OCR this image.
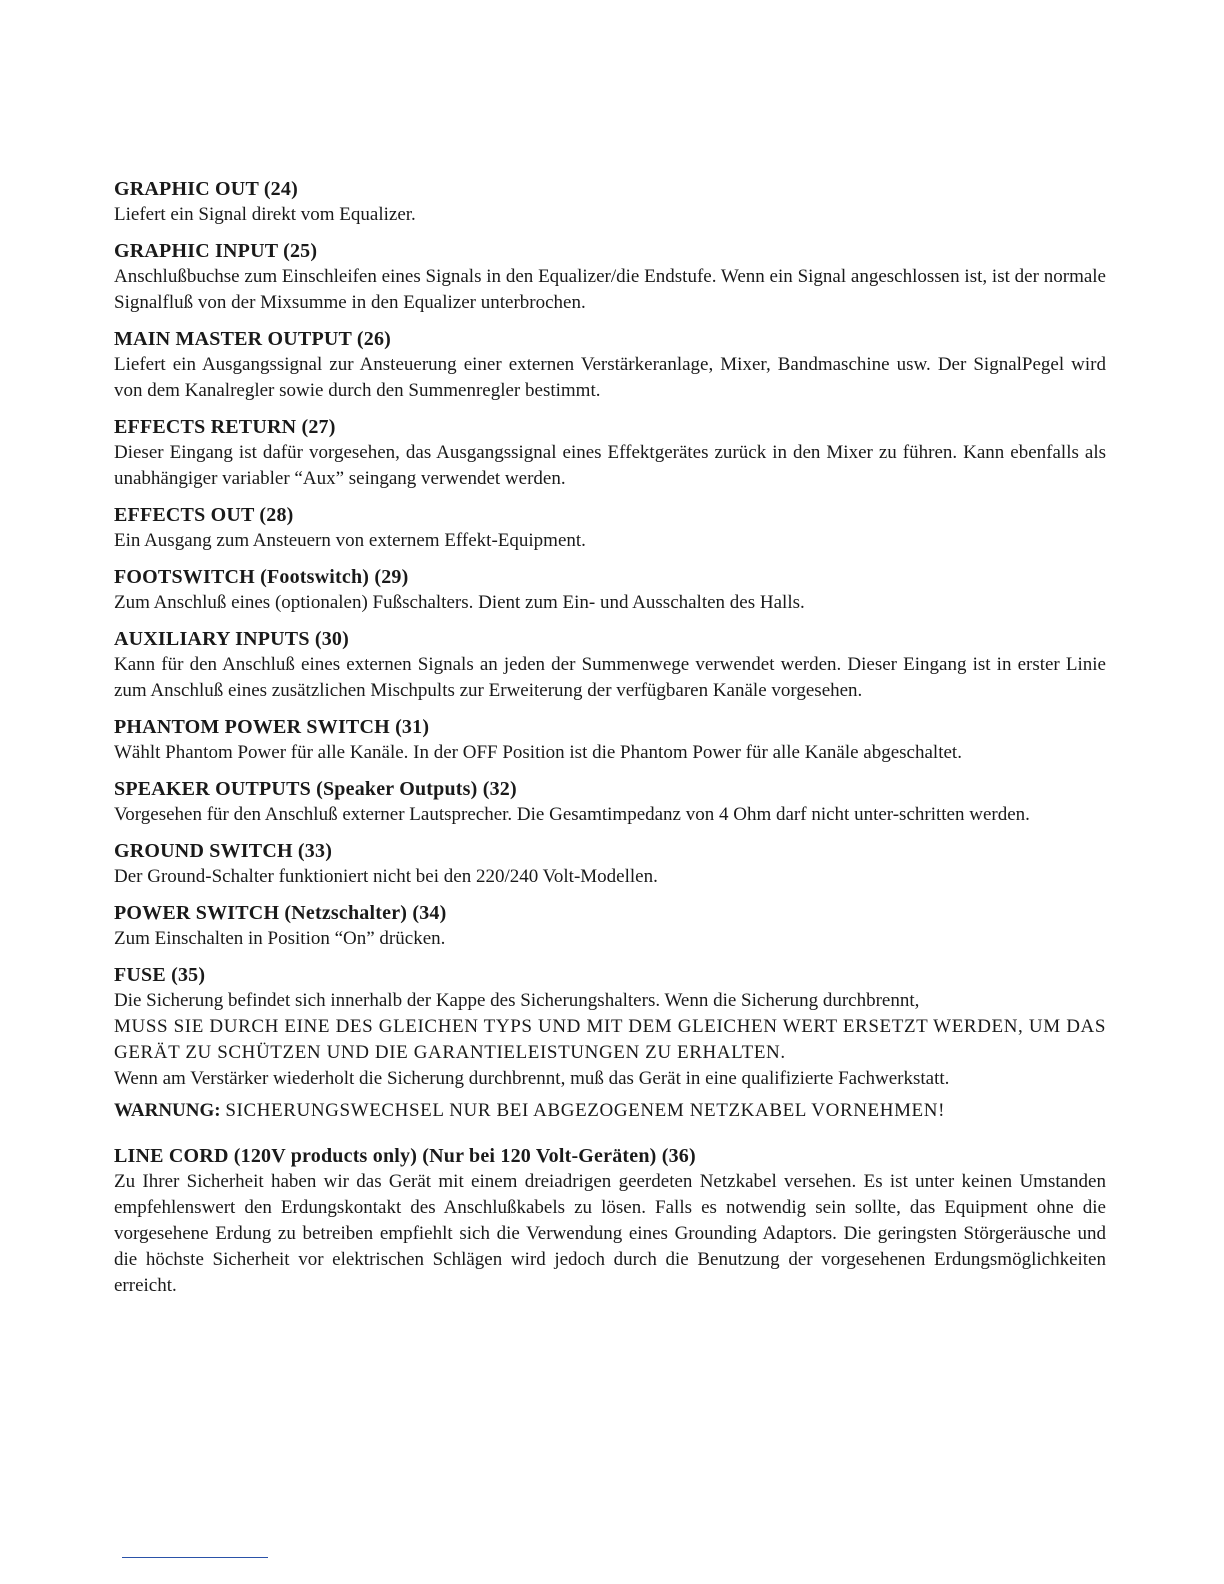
GRAPHIC OUT (24)

Liefert ein Signal direkt vom Equalizer.

GRAPHIC INPUT (25)

Anschlußbuchse zum Einschleifen eines Signals in den Equalizer/die Endstufe. Wenn ein Signal angeschlossen ist, ist der normale Signalfluß von der Mixsumme in den Equalizer unterbrochen.

MAIN MASTER OUTPUT (26)

Liefert ein Ausgangssignal zur Ansteuerung einer externen Verstärkeranlage, Mixer, Bandmaschine usw. Der SignalPegel wird von dem Kanalregler sowie durch den Summenregler bestimmt.

EFFECTS RETURN (27)

Dieser Eingang ist dafür vorgesehen, das Ausgangssignal eines Effektgerätes zurück in den Mixer zu führen. Kann ebenfalls als unabhängiger variabler “Aux” seingang verwendet werden.

EFFECTS OUT (28)

Ein Ausgang zum Ansteuern von externem Effekt-Equipment.

FOOTSWITCH (Footswitch) (29)

Zum Anschluß eines (optionalen) Fußschalters. Dient zum Ein- und Ausschalten des Halls.

AUXILIARY INPUTS (30)

Kann für den Anschluß eines externen Signals an jeden der Summenwege verwendet werden. Dieser Eingang ist in erster Linie zum Anschluß eines zusätzlichen Mischpults zur Erweiterung der verfügbaren Kanäle vorgesehen.

PHANTOM POWER SWITCH (31)

Wählt Phantom Power für alle Kanäle. In der OFF Position ist die Phantom Power für alle Kanäle abgeschaltet.

SPEAKER OUTPUTS (Speaker Outputs) (32)

Vorgesehen für den Anschluß externer Lautsprecher. Die Gesamtimpedanz von 4 Ohm darf nicht unter-schritten werden.

GROUND SWITCH (33)

Der Ground-Schalter funktioniert nicht bei den 220/240 Volt-Modellen.

POWER SWITCH (Netzschalter) (34)

Zum Einschalten in Position “On” drücken.

FUSE (35)

Die Sicherung befindet sich innerhalb der Kappe des Sicherungshalters. Wenn die Sicherung durchbrennt,

MUSS SIE DURCH EINE DES GLEICHEN TYPS UND MIT DEM GLEICHEN WERT ERSETZT WERDEN, UM DAS GERÄT ZU SCHÜTZEN UND DIE GARANTIELEISTUNGEN ZU ERHALTEN.

Wenn am Verstärker wiederholt die Sicherung durchbrennt, muß das Gerät in eine qualifizierte Fachwerkstatt.

WARNUNG: SICHERUNGSWECHSEL NUR BEI ABGEZOGENEM NETZKABEL VORNEHMEN!

LINE CORD (120V products only) (Nur bei 120 Volt-Geräten) (36)

Zu Ihrer Sicherheit haben wir das Gerät mit einem dreiadrigen geerdeten Netzkabel versehen. Es ist unter keinen Umstanden empfehlenswert den Erdungskontakt des Anschlußkabels zu lösen. Falls es notwendig sein sollte, das Equipment ohne die vorgesehene Erdung zu betreiben empfiehlt sich die Verwendung eines Grounding Adaptors. Die geringsten Störgeräusche und die höchste Sicherheit vor elektrischen Schlägen wird jedoch durch die Benutzung der vorgesehenen Erdungsmöglichkeiten erreicht.
